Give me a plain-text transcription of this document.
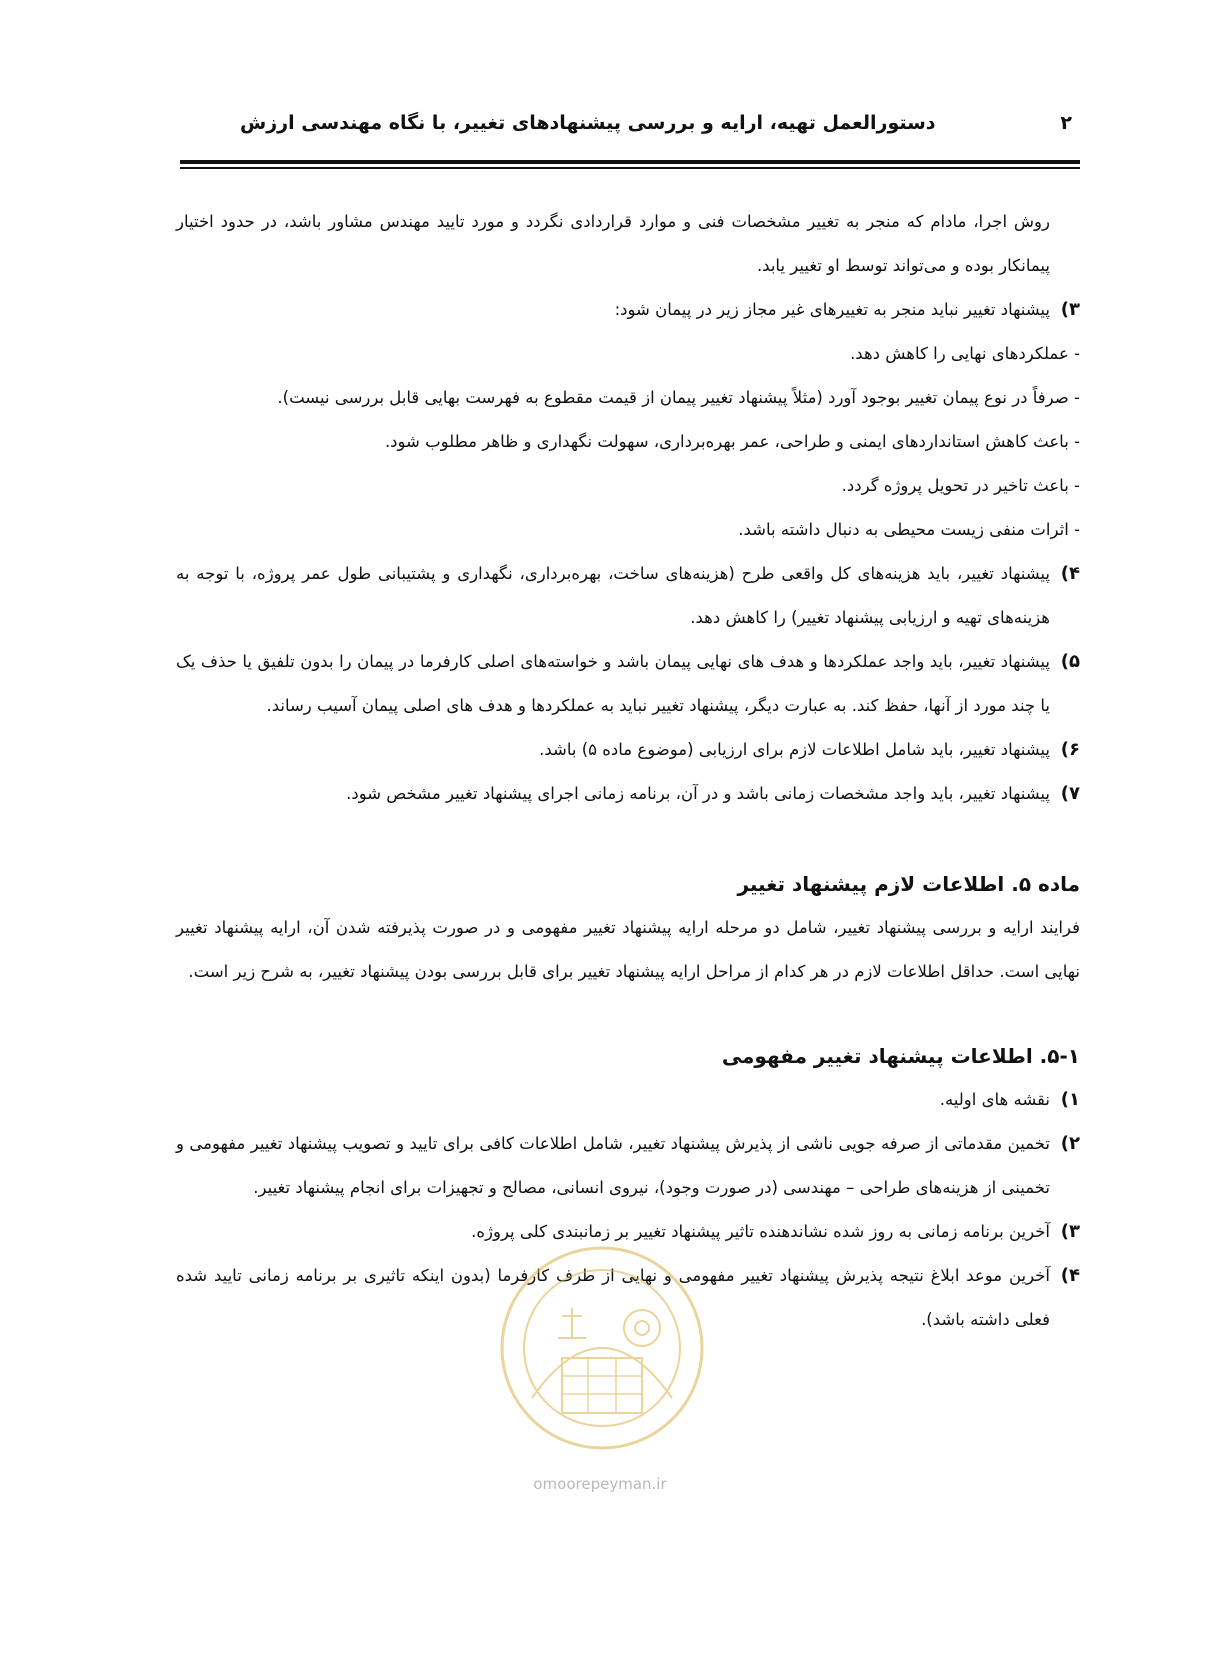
۲
دستورالعمل تهیه، ارایه و بررسی پیشنهادهای تغییر، با نگاه مهندسی ارزش

روش اجرا، مادام که منجر به تغییر مشخصات فنی و موارد قراردادی نگردد و مورد تایید مهندس مشاور باشد، در حدود اختیار پیمانکار بوده و می‌تواند توسط او تغییر یابد.

۳)
پیشنهاد تغییر نباید منجر به تغییرهای غیر مجاز زیر در پیمان شود:

- عملکردهای نهایی را کاهش دهد.

- صرفاً در نوع پیمان تغییر بوجود آورد (مثلاً پیشنهاد تغییر پیمان از قیمت مقطوع به فهرست بهایی قابل بررسی نیست).

- باعث کاهش استانداردهای ایمنی و طراحی، عمر بهره‌برداری، سهولت نگهداری و ظاهر مطلوب شود.

- باعث تاخیر در تحویل پروژه گردد.

- اثرات منفی زیست محیطی به دنبال داشته باشد.

۴)
پیشنهاد تغییر، باید هزینه‌های کل واقعی طرح (هزینه‌های ساخت، بهره‌برداری، نگهداری و پشتیبانی طول عمر پروژه، با توجه به هزینه‌های تهیه و ارزیابی پیشنهاد تغییر) را کاهش دهد.

۵)
پیشنهاد تغییر، باید واجد عملکردها و هدف های نهایی پیمان باشد و خواسته‌های اصلی کارفرما در پیمان را بدون تلفیق یا حذف یک یا چند مورد از آنها، حفظ کند. به عبارت دیگر، پیشنهاد تغییر نباید به عملکردها و هدف های اصلی پیمان آسیب رساند.

۶)
پیشنهاد تغییر، باید شامل اطلاعات لازم برای ارزیابی (موضوع ماده ۵) باشد.

۷)
پیشنهاد تغییر، باید واجد مشخصات زمانی باشد و در آن، برنامه زمانی اجرای پیشنهاد تغییر مشخص شود.

ماده ۵. اطلاعات لازم پیشنهاد تغییر

فرایند ارایه و بررسی پیشنهاد تغییر، شامل دو مرحله ارایه پیشنهاد تغییر مفهومی و در صورت پذیرفته شدن آن، ارایه پیشنهاد تغییر نهایی است. حداقل اطلاعات لازم در هر کدام از مراحل ارایه پیشنهاد تغییر برای قابل بررسی بودن پیشنهاد تغییر، به شرح زیر است.

۵-۱. اطلاعات پیشنهاد تغییر مفهومی

۱)
نقشه های اولیه.

۲)
تخمین مقدماتی از صرفه جویی ناشی از پذیرش پیشنهاد تغییر، شامل اطلاعات کافی برای تایید و تصویب پیشنهاد تغییر مفهومی و تخمینی از هزینه‌های طراحی – مهندسی (در صورت وجود)، نیروی انسانی، مصالح و تجهیزات برای انجام پیشنهاد تغییر.

۳)
آخرین برنامه زمانی به روز شده نشاندهنده تاثیر پیشنهاد تغییر بر زمانبندی کلی پروژه.

۴)
آخرین موعد ابلاغ نتیجه پذیرش پیشنهاد تغییر مفهومی و نهایی از طرف کارفرما (بدون اینکه تاثیری بر برنامه زمانی تایید شده فعلی داشته باشد).

omoorepeyman.ir
